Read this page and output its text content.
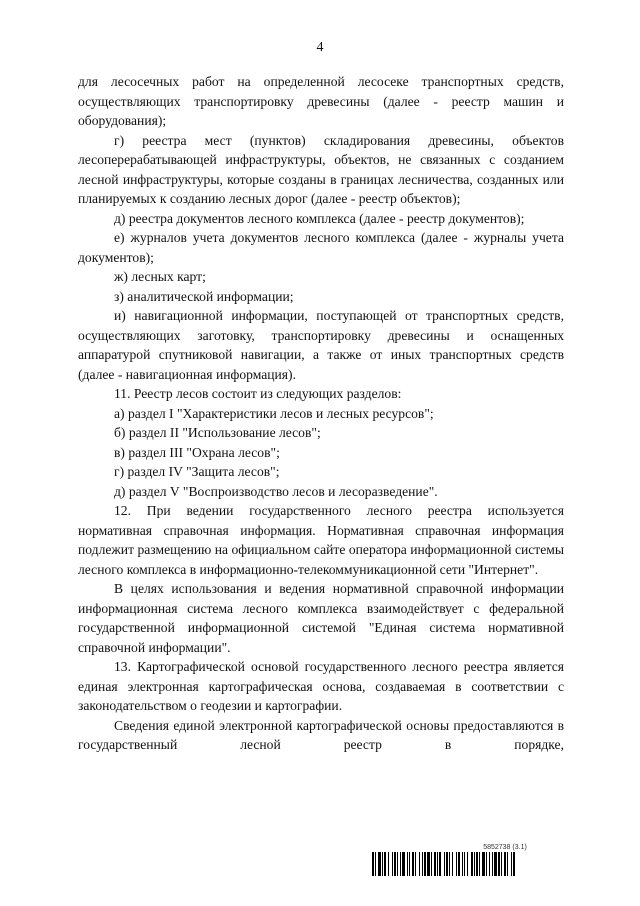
4

для лесосечных работ на определенной лесосеке транспортных средств, осуществляющих транспортировку древесины (далее - реестр машин и оборудования);

г) реестра мест (пунктов) складирования древесины, объектов лесоперерабатывающей инфраструктуры, объектов, не связанных с созданием лесной инфраструктуры, которые созданы в границах лесничества, созданных или планируемых к созданию лесных дорог (далее - реестр объектов);

д) реестра документов лесного комплекса (далее - реестр документов);

е) журналов учета документов лесного комплекса (далее - журналы учета документов);

ж) лесных карт;

з) аналитической информации;

и) навигационной информации, поступающей от транспортных средств, осуществляющих заготовку, транспортировку древесины и оснащенных аппаратурой спутниковой навигации, а также от иных транспортных средств (далее - навигационная информация).

11. Реестр лесов состоит из следующих разделов:

а) раздел I "Характеристики лесов и лесных ресурсов";

б) раздел II "Использование лесов";

в) раздел III "Охрана лесов";

г) раздел IV "Защита лесов";

д) раздел V "Воспроизводство лесов и лесоразведение".

12. При ведении государственного лесного реестра используется нормативная справочная информация. Нормативная справочная информация подлежит размещению на официальном сайте оператора информационной системы лесного комплекса в информационно-телекоммуникационной сети "Интернет".

В целях использования и ведения нормативной справочной информации информационная система лесного комплекса взаимодействует с федеральной государственной информационной системой "Единая система нормативной справочной информации".

13. Картографической основой государственного лесного реестра является единая электронная картографическая основа, создаваемая в соответствии с законодательством о геодезии и картографии.

Сведения единой электронной картографической основы предоставляются в государственный лесной реестр в порядке,

5852738 (3.1)
